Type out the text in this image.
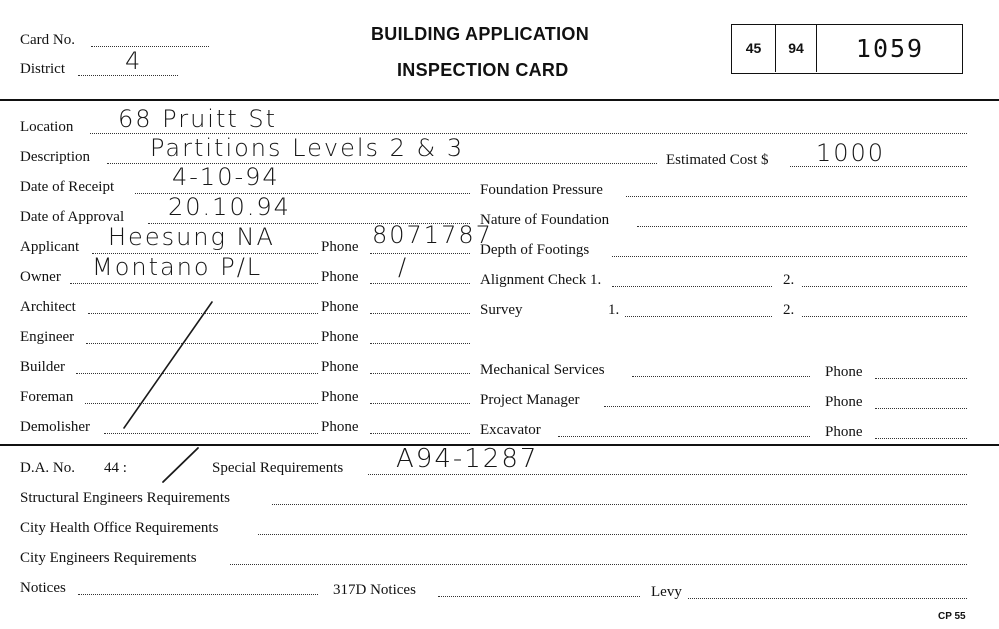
Card No.
District	4
BUILDING APPLICATION
INSPECTION CARD
45	94	1059
Location 68 Pruitt St
Description	Partitions Levels 2 & 3	Estimated Cost $ 1000
Date of Receipt 4-10-94
Date of Approval 20.10.94
Applicant Heesung NA	Phone 8071787
Owner Montano P/L	Phone /
Architect	Phone
Engineer	Phone
Builder	Phone
Foreman	Phone
Demolisher	Phone
Foundation Pressure
Nature of Foundation
Depth of Footings
Alignment Check 1.	2.
Survey	1.	2.
Mechanical Services	Phone
Project Manager	Phone
Excavator	Phone
D.A. No. 44 :	Special Requirements A94-1287
Structural Engineers Requirements
City Health Office Requirements
City Engineers Requirements
Notices	317D Notices	Levy
CP 55
